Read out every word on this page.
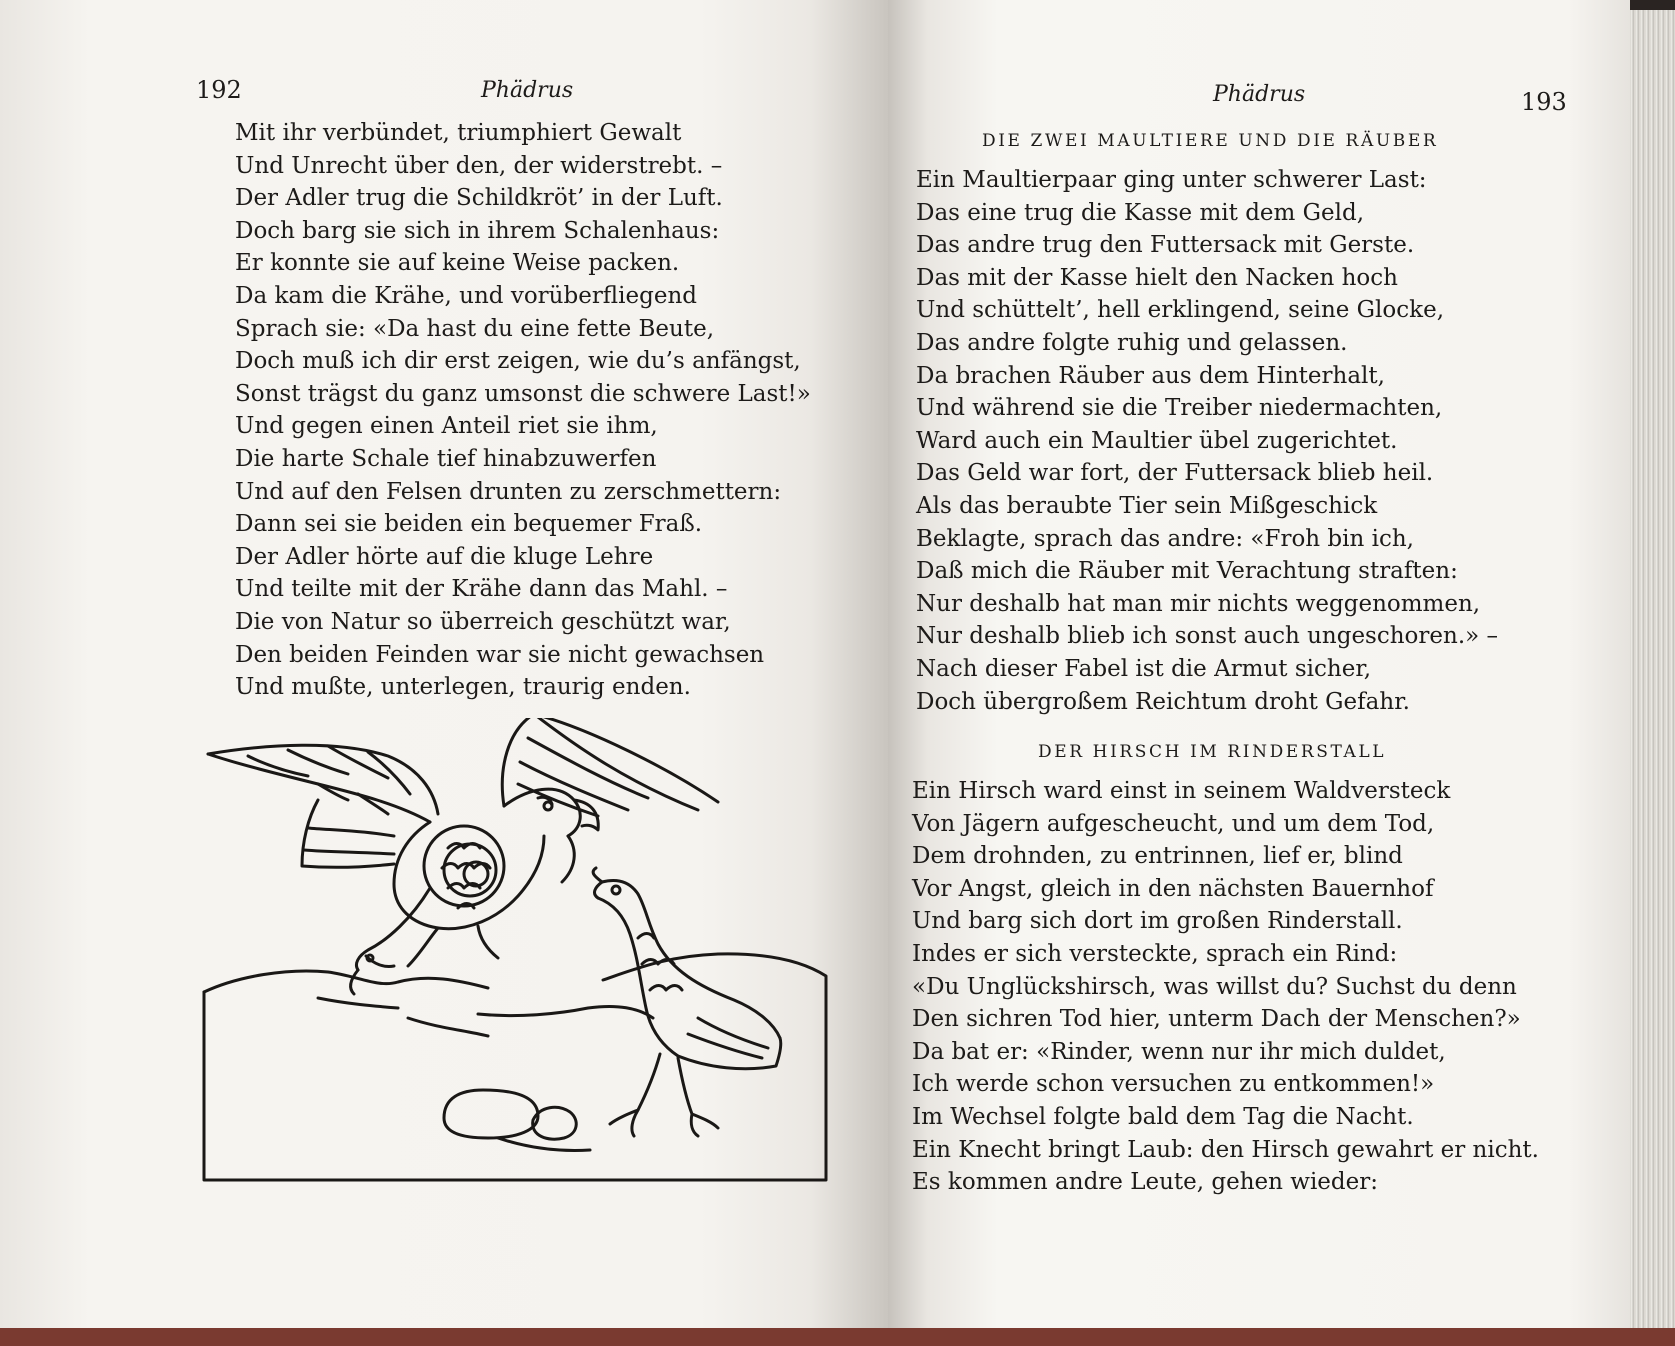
192	Phädrus
Mit ihr verbündet, triumphiert Gewalt
Und Unrecht über den, der widerstrebt. –
Der Adler trug die Schildkröt’ in der Luft.
Doch barg sie sich in ihrem Schalenhaus:
Er konnte sie auf keine Weise packen.
Da kam die Krähe, und vorüberfliegend
Sprach sie: «Da hast du eine fette Beute,
Doch muß ich dir erst zeigen, wie du’s anfängst,
Sonst trägst du ganz umsonst die schwere Last!»
Und gegen einen Anteil riet sie ihm,
Die harte Schale tief hinabzuwerfen
Und auf den Felsen drunten zu zerschmettern:
Dann sei sie beiden ein bequemer Fraß.
Der Adler hörte auf die kluge Lehre
Und teilte mit der Krähe dann das Mahl. –
Die von Natur so überreich geschützt war,
Den beiden Feinden war sie nicht gewachsen
Und mußte, unterlegen, traurig enden.
Phädrus	193
DIE ZWEI MAULTIERE UND DIE RÄUBER
Ein Maultierpaar ging unter schwerer Last:
Das eine trug die Kasse mit dem Geld,
Das andre trug den Futtersack mit Gerste.
Das mit der Kasse hielt den Nacken hoch
Und schüttelt’, hell erklingend, seine Glocke,
Das andre folgte ruhig und gelassen.
Da brachen Räuber aus dem Hinterhalt,
Und während sie die Treiber niedermachten,
Ward auch ein Maultier übel zugerichtet.
Das Geld war fort, der Futtersack blieb heil.
Als das beraubte Tier sein Mißgeschick
Beklagte, sprach das andre: «Froh bin ich,
Daß mich die Räuber mit Verachtung straften:
Nur deshalb hat man mir nichts weggenommen,
Nur deshalb blieb ich sonst auch ungeschoren.» –
Nach dieser Fabel ist die Armut sicher,
Doch übergroßem Reichtum droht Gefahr.
DER HIRSCH IM RINDERSTALL
Ein Hirsch ward einst in seinem Waldversteck
Von Jägern aufgescheucht, und um dem Tod,
Dem drohnden, zu entrinnen, lief er, blind
Vor Angst, gleich in den nächsten Bauernhof
Und barg sich dort im großen Rinderstall.
Indes er sich versteckte, sprach ein Rind:
«Du Unglückshirsch, was willst du? Suchst du denn
Den sichren Tod hier, unterm Dach der Menschen?»
Da bat er: «Rinder, wenn nur ihr mich duldet,
Ich werde schon versuchen zu entkommen!»
Im Wechsel folgte bald dem Tag die Nacht.
Ein Knecht bringt Laub: den Hirsch gewahrt er nicht.
Es kommen andre Leute, gehen wieder:
